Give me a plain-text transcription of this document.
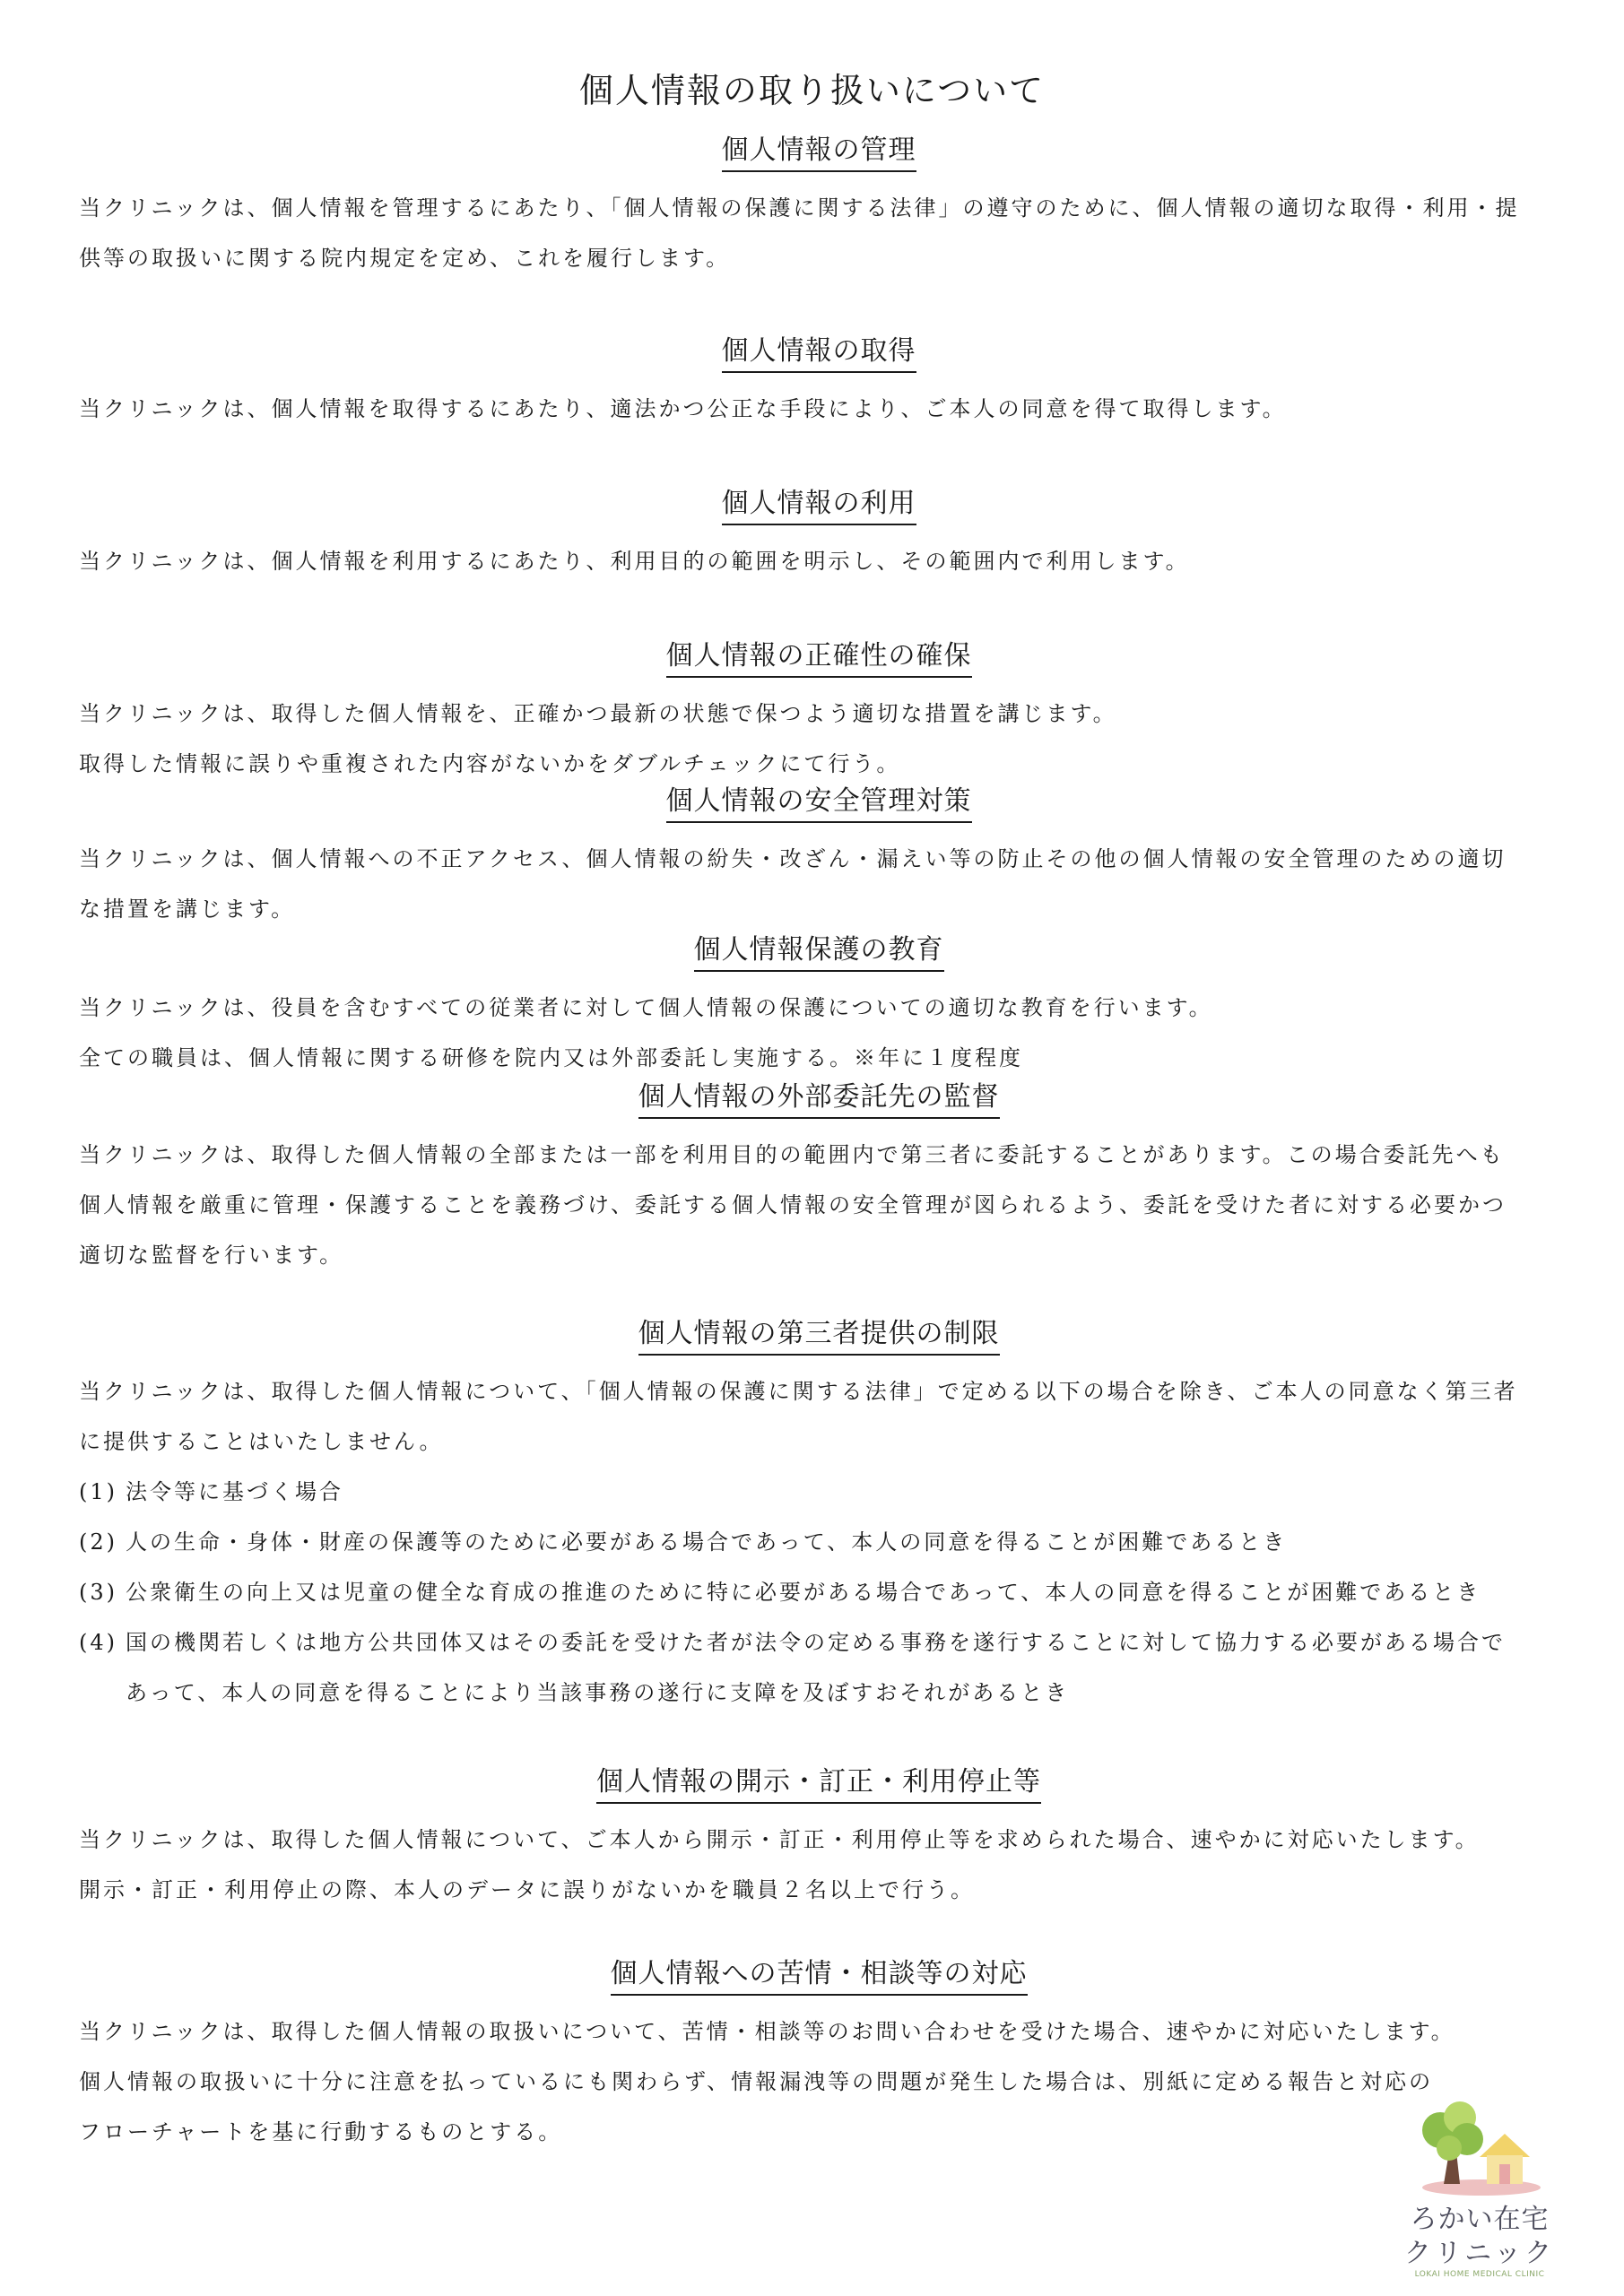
個人情報の取り扱いについて
個人情報の管理

当クリニックは、個人情報を管理するにあたり、「個人情報の保護に関する法律」の遵守のために、個人情報の適切な取得・利用・提

供等の取扱いに関する院内規定を定め、これを履行します。

個人情報の取得

当クリニックは、個人情報を取得するにあたり、適法かつ公正な手段により、ご本人の同意を得て取得します。

個人情報の利用

当クリニックは、個人情報を利用するにあたり、利用目的の範囲を明示し、その範囲内で利用します。

個人情報の正確性の確保

当クリニックは、取得した個人情報を、正確かつ最新の状態で保つよう適切な措置を講じます。

取得した情報に誤りや重複された内容がないかをダブルチェックにて行う。

個人情報の安全管理対策

当クリニックは、個人情報への不正アクセス、個人情報の紛失・改ざん・漏えい等の防止その他の個人情報の安全管理のための適切

な措置を講じます。

個人情報保護の教育

当クリニックは、役員を含むすべての従業者に対して個人情報の保護についての適切な教育を行います。

全ての職員は、個人情報に関する研修を院内又は外部委託し実施する。※年に１度程度

個人情報の外部委託先の監督

当クリニックは、取得した個人情報の全部または一部を利用目的の範囲内で第三者に委託することがあります。この場合委託先へも

個人情報を厳重に管理・保護することを義務づけ、委託する個人情報の安全管理が図られるよう、委託を受けた者に対する必要かつ

適切な監督を行います。

個人情報の第三者提供の制限

当クリニックは、取得した個人情報について、「個人情報の保護に関する法律」で定める以下の場合を除き、ご本人の同意なく第三者

に提供することはいたしません。

(1) 法令等に基づく場合
(2) 人の生命・身体・財産の保護等のために必要がある場合であって、本人の同意を得ることが困難であるとき
(3) 公衆衛生の向上又は児童の健全な育成の推進のために特に必要がある場合であって、本人の同意を得ることが困難であるとき
(4) 国の機関若しくは地方公共団体又はその委託を受けた者が法令の定める事務を遂行することに対して協力する必要がある場合で
あって、本人の同意を得ることにより当該事務の遂行に支障を及ぼすおそれがあるとき
個人情報の開示・訂正・利用停止等

当クリニックは、取得した個人情報について、ご本人から開示・訂正・利用停止等を求められた場合、速やかに対応いたします。

開示・訂正・利用停止の際、本人のデータに誤りがないかを職員２名以上で行う。

個人情報への苦情・相談等の対応

当クリニックは、取得した個人情報の取扱いについて、苦情・相談等のお問い合わせを受けた場合、速やかに対応いたします。

個人情報の取扱いに十分に注意を払っているにも関わらず、情報漏洩等の問題が発生した場合は、別紙に定める報告と対応の

フローチャートを基に行動するものとする。

ろかい在宅
クリニック
LOKAI HOME MEDICAL CLINIC
